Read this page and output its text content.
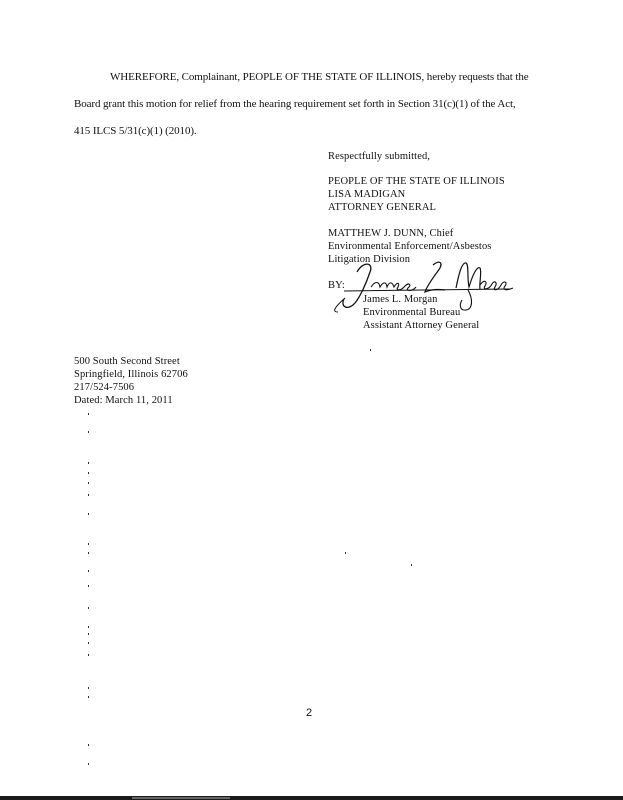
WHEREFORE, Complainant, PEOPLE OF THE STATE OF ILLINOIS, hereby requests that the
Board grant this motion for relief from the hearing requirement set forth in Section 31(c)(1) of the Act,
415 ILCS 5/31(c)(1) (2010).
Respectfully submitted,
PEOPLE OF THE STATE OF ILLINOIS
LISA MADIGAN
ATTORNEY GENERAL
MATTHEW J. DUNN, Chief
Environmental Enforcement/Asbestos
Litigation Division
BY:
James L. Morgan
Environmental Bureau
Assistant Attorney General
500 South Second Street
Springfield, Illinois 62706
217/524-7506
Dated: March 11, 2011
2
